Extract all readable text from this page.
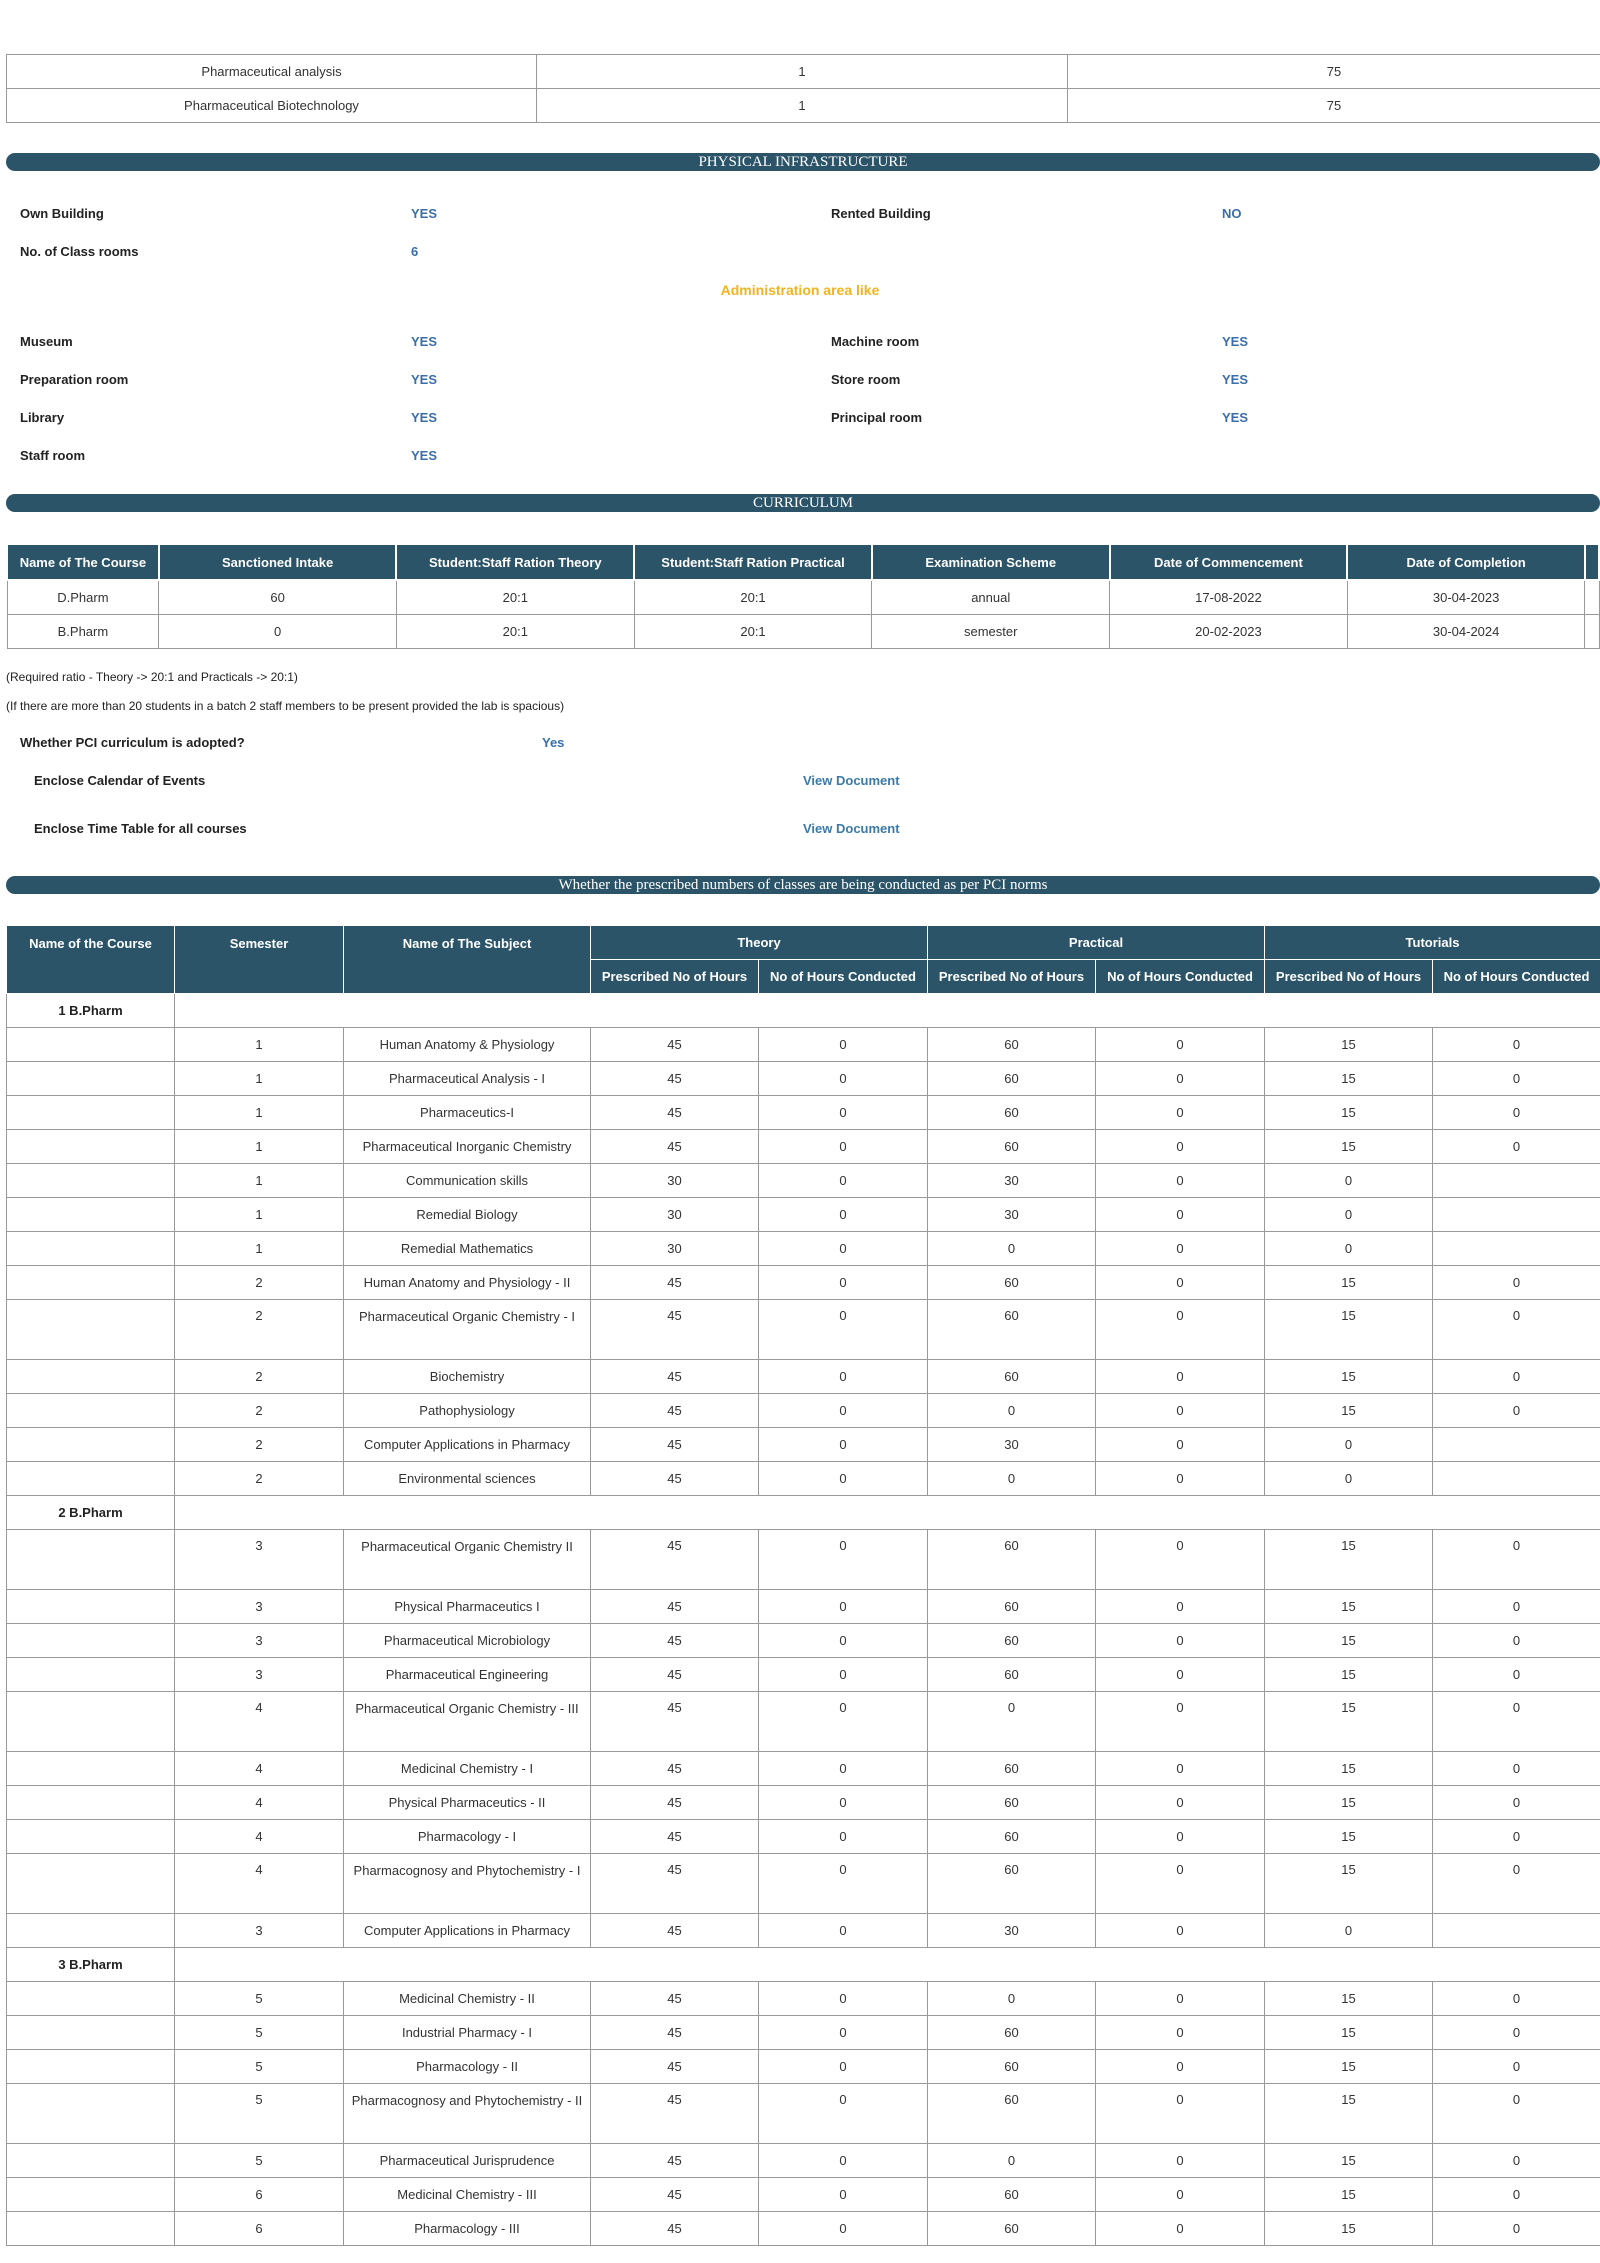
Pharmaceutical analysis	1	75
Pharmaceutical Biotechnology	1	75
PHYSICAL INFRASTRUCTURE
Own Building	YES	Rented Building	NO
No. of Class rooms	6
Administration area like
Museum	YES	Machine room	YES
Preparation room	YES	Store room	YES
Library	YES	Principal room	YES
Staff room	YES
CURRICULUM
Name of The Course	Sanctioned Intake	Student:Staff Ration Theory	Student:Staff Ration Practical	Examination Scheme	Date of Commencement	Date of Completion	
D.Pharm	60	20:1	20:1	annual	17-08-2022	30-04-2023	
B.Pharm	0	20:1	20:1	semester	20-02-2023	30-04-2024	
(Required ratio - Theory -> 20:1 and Practicals -> 20:1)
(If there are more than 20 students in a batch 2 staff members to be present provided the lab is spacious)
Whether PCI curriculum is adopted?	Yes
Enclose Calendar of Events	View Document
Enclose Time Table for all courses	View Document
Whether the prescribed numbers of classes are being conducted as per PCI norms
Name of the Course	Semester	Name of The Subject	Theory		Practical		Tutorials	
			Prescribed No of Hours	No of Hours Conducted	Prescribed No of Hours	No of Hours Conducted	Prescribed No of Hours	No of Hours Conducted
1 B.Pharm								
	1	Human Anatomy & Physiology	45	0	60	0	15	0
	1	Pharmaceutical Analysis - I	45	0	60	0	15	0
	1	Pharmaceutics-I	45	0	60	0	15	0
	1	Pharmaceutical Inorganic Chemistry	45	0	60	0	15	0
	1	Communication skills	30	0	30	0	0	
	1	Remedial Biology	30	0	30	0	0	
	1	Remedial Mathematics	30	0	0	0	0	
	2	Human Anatomy and Physiology - II	45	0	60	0	15	0
	2	Pharmaceutical Organic Chemistry - I	45	0	60	0	15	0
	2	Biochemistry	45	0	60	0	15	0
	2	Pathophysiology	45	0	0	0	15	0
	2	Computer Applications in Pharmacy	45	0	30	0	0	
	2	Environmental sciences	45	0	0	0	0	
2 B.Pharm								
	3	Pharmaceutical Organic Chemistry II	45	0	60	0	15	0
	3	Physical Pharmaceutics I	45	0	60	0	15	0
	3	Pharmaceutical Microbiology	45	0	60	0	15	0
	3	Pharmaceutical Engineering	45	0	60	0	15	0
	4	Pharmaceutical Organic Chemistry - III	45	0	0	0	15	0
	4	Medicinal Chemistry - I	45	0	60	0	15	0
	4	Physical Pharmaceutics - II	45	0	60	0	15	0
	4	Pharmacology - I	45	0	60	0	15	0
	4	Pharmacognosy and Phytochemistry - I	45	0	60	0	15	0
	3	Computer Applications in Pharmacy	45	0	30	0	0	
3 B.Pharm								
	5	Medicinal Chemistry - II	45	0	0	0	15	0
	5	Industrial Pharmacy - I	45	0	60	0	15	0
	5	Pharmacology - II	45	0	60	0	15	0
	5	Pharmacognosy and Phytochemistry - II	45	0	60	0	15	0
	5	Pharmaceutical Jurisprudence	45	0	0	0	15	0
	6	Medicinal Chemistry - III	45	0	60	0	15	0
	6	Pharmacology - III	45	0	60	0	15	0
